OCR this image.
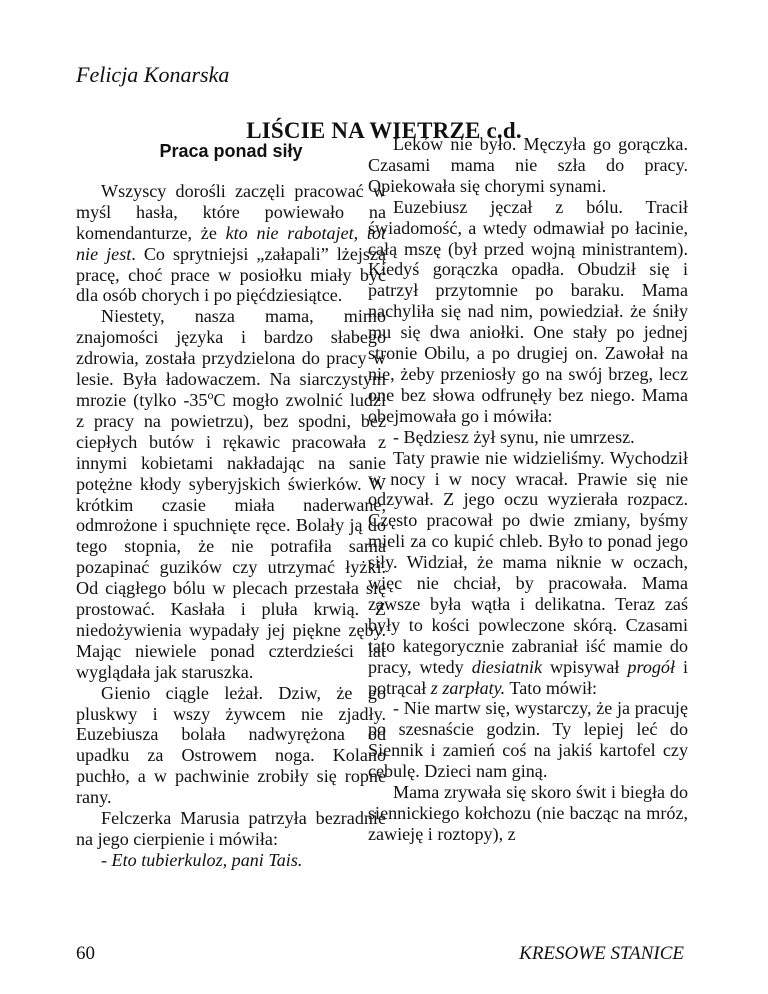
Felicja Konarska
LIŚCIE NA WIETRZE c.d.
Praca ponad siły

Wszyscy dorośli zaczęli pracować w myśl hasła, które powiewało na komendanturze, że kto nie rabotajet, tot nie jest. Co sprytniejsi „załapali” lżejszą pracę, choć prace w posiołku miały być dla osób chorych i po pięćdziesiątce.

Niestety, nasza mama, mimo znajomości języka i bardzo słabego zdrowia, została przydzielona do pracy w lesie. Była ładowaczem. Na siarczystym mrozie (tylko -35$^o$C mogło zwolnić ludzi z pracy na powietrzu), bez spodni, bez ciepłych butów i rękawic pracowała z innymi kobietami nakładając na sanie potężne kłody syberyjskich świerków. W krótkim czasie miała naderwane, odmrożone i spuchnięte ręce. Bolały ją do tego stopnia, że nie potrafiła sama pozapinać guzików czy utrzymać łyżki. Od ciągłego bólu w plecach przestała się prostować. Kasłała i pluła krwią. Z niedożywienia wypadały jej piękne zęby. Mając niewiele ponad czterdzieści lat wyglądała jak staruszka.

Gienio ciągle leżał. Dziw, że go pluskwy i wszy żywcem nie zjadły. Euzebiusza bolała nadwyrężona od upadku za Ostrowem noga. Kolano puchło, a w pachwinie zrobiły się ropne rany.

Felczerka Marusia patrzyła bezradnie na jego cierpienie i mówiła:

- Eto tubierkuloz, pani Tais.

Leków nie było. Męczyła go gorączka. Czasami mama nie szła do pracy. Opiekowała się chorymi synami.

Euzebiusz jęczał z bólu. Tracił świadomość, a wtedy odmawiał po łacinie, całą mszę (był przed wojną ministrantem). Kiedyś gorączka opadła. Obudził się i patrzył przytomnie po baraku. Mama nachyliła się nad nim, powiedział. że śniły mu się dwa aniołki. One stały po jednej stronie Obilu, a po drugiej on. Zawołał na nie, żeby przeniosły go na swój brzeg, lecz one bez słowa odfrunęły bez niego. Mama obejmowała go i mówiła:

- Będziesz żył synu, nie umrzesz.

Taty prawie nie widzieliśmy. Wychodził w nocy i w nocy wracał. Prawie się nie odzywał. Z jego oczu wyzierała rozpacz. Często pracował po dwie zmiany, byśmy mieli za co kupić chleb. Było to ponad jego siły. Widział, że mama niknie w oczach, więc nie chciał, by pracowała. Mama zawsze była wątła i delikatna. Teraz zaś były to kości powleczone skórą. Czasami tato kategorycznie zabraniał iść mamie do pracy, wtedy diesiatnik wpisywał progół i potrącał z zarpłaty. Tato mówił:

- Nie martw się, wystarczy, że ja pracuję po szesnaście godzin. Ty lepiej leć do Siennik i zamień coś na jakiś kartofel czy cebulę. Dzieci nam giną.

Mama zrywała się skoro świt i biegła do siennickiego kołchozu (nie bacząc na mróz, zawieję i roztopy), z

60	KRESOWE STANICE
